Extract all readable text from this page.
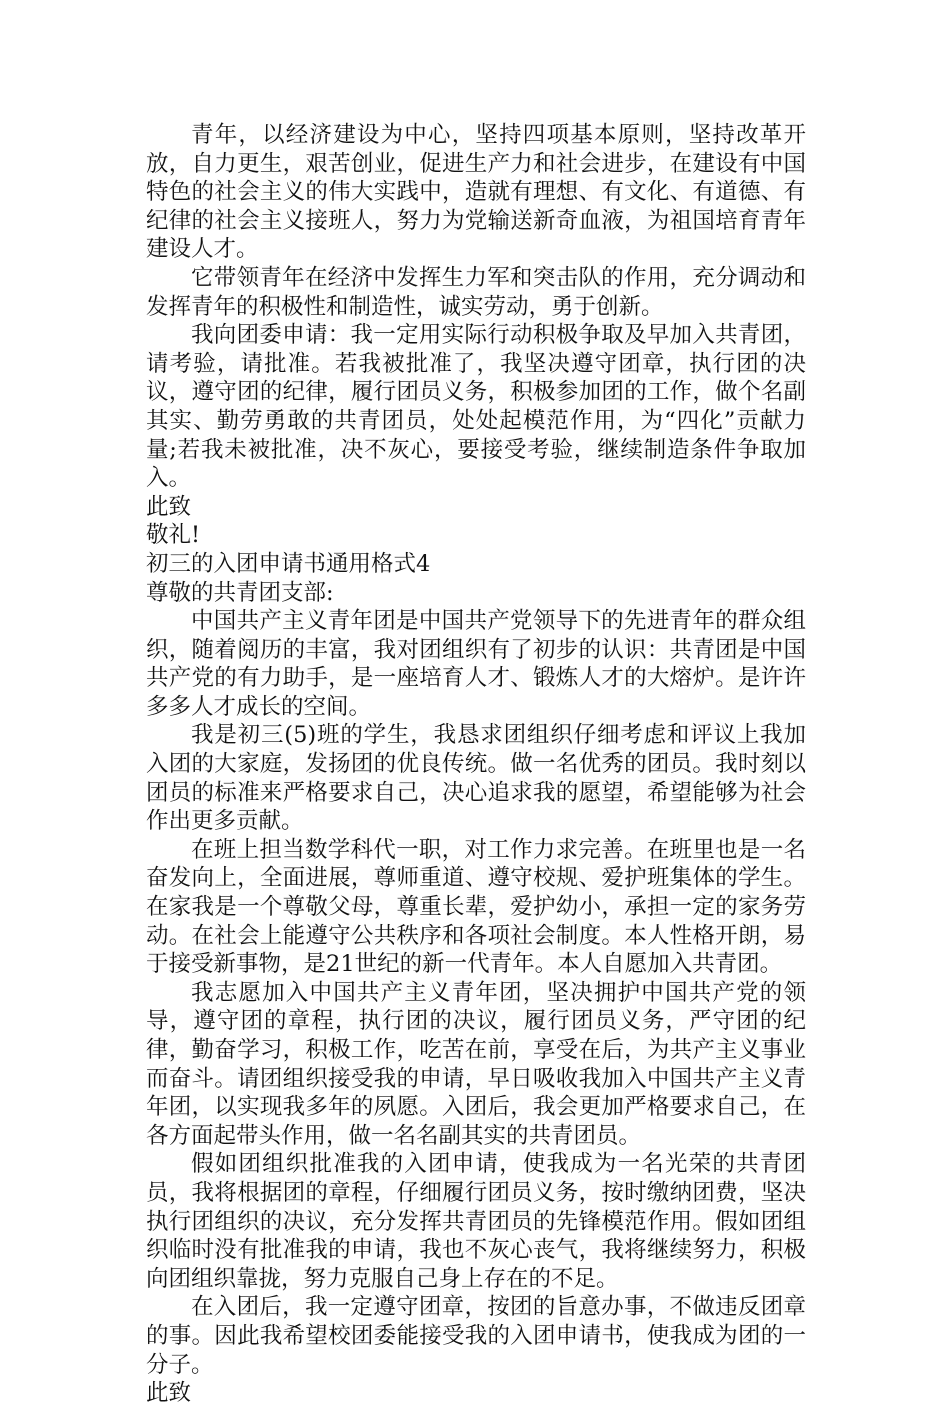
青年，以经济建设为中心，坚持四项基本原则，坚持改革开放，自力更生，艰苦创业，促进生产力和社会进步，在建设有中国特色的社会主义的伟大实践中，造就有理想、有文化、有道德、有纪律的社会主义接班人，努力为党输送新奇血液，为祖国培育青年建设人才。

它带领青年在经济中发挥生力军和突击队的作用，充分调动和发挥青年的积极性和制造性，诚实劳动，勇于创新。

我向团委申请：我一定用实际行动积极争取及早加入共青团，请考验，请批准。若我被批准了，我坚决遵守团章，执行团的决议，遵守团的纪律，履行团员义务，积极参加团的工作，做个名副其实、勤劳勇敢的共青团员，处处起模范作用，为“四化”贡献力量;若我未被批准，决不灰心，要接受考验，继续制造条件争取加入。

此致

敬礼!

初三的入团申请书通用格式4

尊敬的共青团支部:

中国共产主义青年团是中国共产党领导下的先进青年的群众组织，随着阅历的丰富，我对团组织有了初步的认识：共青团是中国共产党的有力助手，是一座培育人才、锻炼人才的大熔炉。是许许多多人才成长的空间。

我是初三(5)班的学生，我恳求团组织仔细考虑和评议上我加入团的大家庭，发扬团的优良传统。做一名优秀的团员。我时刻以团员的标准来严格要求自己，决心追求我的愿望，希望能够为社会作出更多贡献。

在班上担当数学科代一职，对工作力求完善。在班里也是一名奋发向上，全面进展，尊师重道、遵守校规、爱护班集体的学生。在家我是一个尊敬父母，尊重长辈，爱护幼小，承担一定的家务劳动。在社会上能遵守公共秩序和各项社会制度。本人性格开朗，易于接受新事物，是21世纪的新一代青年。本人自愿加入共青团。

我志愿加入中国共产主义青年团，坚决拥护中国共产党的领导，遵守团的章程，执行团的决议，履行团员义务，严守团的纪律，勤奋学习，积极工作，吃苦在前，享受在后，为共产主义事业而奋斗。请团组织接受我的申请，早日吸收我加入中国共产主义青年团，以实现我多年的夙愿。入团后，我会更加严格要求自己，在各方面起带头作用，做一名名副其实的共青团员。

假如团组织批准我的入团申请，使我成为一名光荣的共青团员，我将根据团的章程，仔细履行团员义务，按时缴纳团费，坚决执行团组织的决议，充分发挥共青团员的先锋模范作用。假如团组织临时没有批准我的申请，我也不灰心丧气，我将继续努力，积极向团组织靠拢，努力克服自己身上存在的不足。

在入团后，我一定遵守团章，按团的旨意办事，不做违反团章的事。因此我希望校团委能接受我的入团申请书，使我成为团的一分子。

此致
